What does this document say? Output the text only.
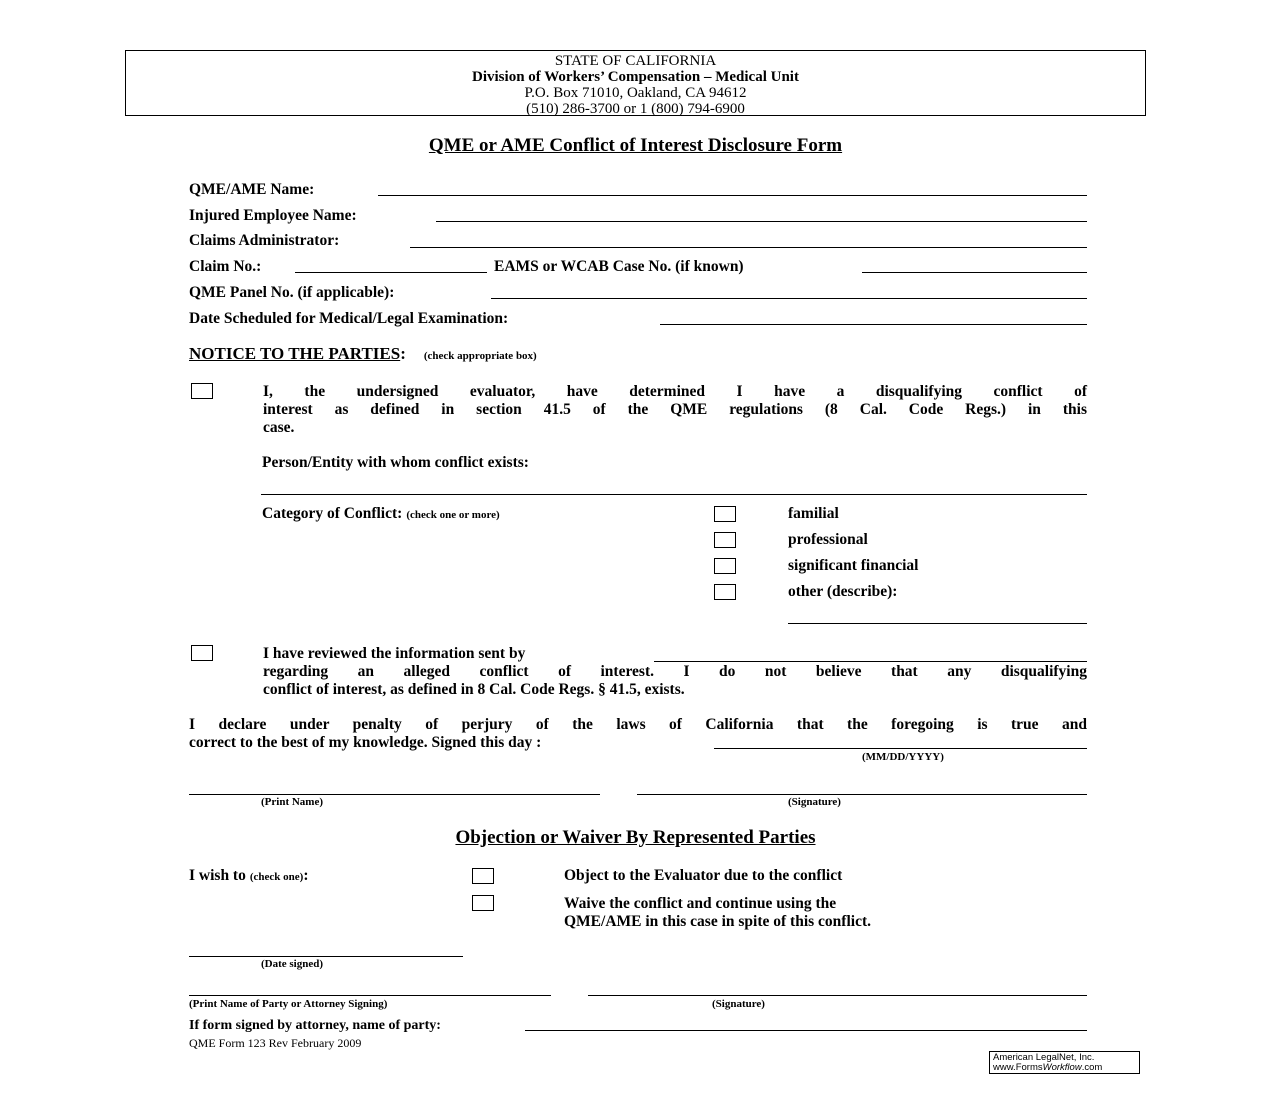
STATE OF CALIFORNIA
Division of Workers’ Compensation – Medical Unit
P.O. Box 71010, Oakland, CA 94612
(510) 286-3700 or 1 (800) 794-6900
QME or AME Conflict of Interest Disclosure Form
QME/AME Name:
Injured Employee Name:
Claims Administrator:
Claim No.:	EAMS or WCAB Case No. (if known)
QME Panel No. (if applicable):
Date Scheduled for Medical/Legal Examination:
NOTICE TO THE PARTIES: (check appropriate box)
I, the undersigned evaluator, have determined I have a disqualifying conflict of
interest as defined in section 41.5 of the QME regulations (8 Cal. Code Regs.) in this
case.
Person/Entity with whom conflict exists:
Category of Conflict: (check one or more)	familial
professional
significant financial
other (describe):
I have reviewed the information sent by
regarding an alleged conflict of interest. I do not believe that any disqualifying
conflict of interest, as defined in 8 Cal. Code Regs. § 41.5, exists.
I declare under penalty of perjury of the laws of California that the foregoing is true and
correct to the best of my knowledge. Signed this day :
(MM/DD/YYYY)
(Print Name)	(Signature)
Objection or Waiver By Represented Parties
I wish to (check one):	Object to the Evaluator due to the conflict
Waive the conflict and continue using the
QME/AME in this case in spite of this conflict.
(Date signed)
(Print Name of Party or Attorney Signing)	(Signature)
If form signed by attorney, name of party:
QME Form 123 Rev February 2009
American LegalNet, Inc.
www.FormsWorkflow.com
